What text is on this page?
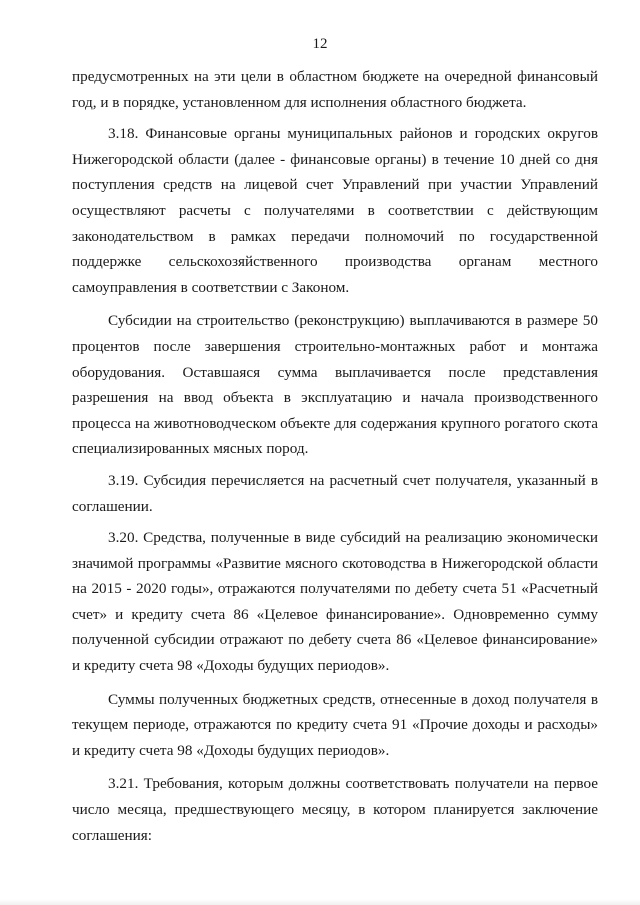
12

предусмотренных на эти цели в областном бюджете на очередной финансовый год, и в порядке, установленном для исполнения областного бюджета.

3.18. Финансовые органы муниципальных районов и городских округов Нижегородской области (далее - финансовые органы) в течение 10 дней со дня поступления средств на лицевой счет Управлений при участии Управлений осуществляют расчеты с получателями в соответствии с действующим законодательством в рамках передачи полномочий по государственной поддержке сельскохозяйственного производства органам местного самоуправления в соответствии с Законом.

Субсидии на строительство (реконструкцию) выплачиваются в размере 50 процентов после завершения строительно-монтажных работ и монтажа оборудования. Оставшаяся сумма выплачивается после представления разрешения на ввод объекта в эксплуатацию и начала производственного процесса на животноводческом объекте для содержания крупного рогатого скота специализированных мясных пород.

3.19. Субсидия перечисляется на расчетный счет получателя, указанный в соглашении.

3.20. Средства, полученные в виде субсидий на реализацию экономически значимой программы «Развитие мясного скотоводства в Нижегородской области на 2015 - 2020 годы», отражаются получателями по дебету счета 51 «Расчетный счет» и кредиту счета 86 «Целевое финансирование». Одновременно сумму полученной субсидии отражают по дебету счета 86 «Целевое финансирование» и кредиту счета 98 «Доходы будущих периодов».

Суммы полученных бюджетных средств, отнесенные в доход получателя в текущем периоде, отражаются по кредиту счета 91 «Прочие доходы и расходы» и кредиту счета 98 «Доходы будущих периодов».

3.21. Требования, которым должны соответствовать получатели на первое число месяца, предшествующего месяцу, в котором планируется заключение соглашения:
